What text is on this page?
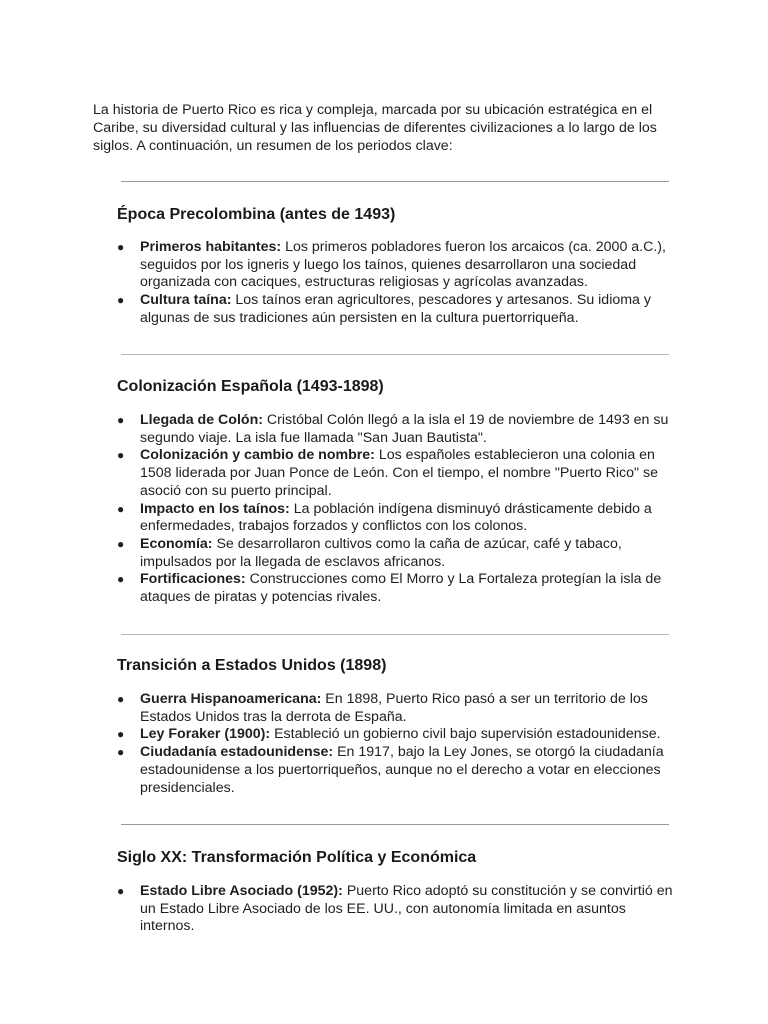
La historia de Puerto Rico es rica y compleja, marcada por su ubicación estratégica en el Caribe, su diversidad cultural y las influencias de diferentes civilizaciones a lo largo de los siglos. A continuación, un resumen de los periodos clave:

Época Precolombina (antes de 1493)
● Primeros habitantes: Los primeros pobladores fueron los arcaicos (ca. 2000 a.C.), seguidos por los igneris y luego los taínos, quienes desarrollaron una sociedad organizada con caciques, estructuras religiosas y agrícolas avanzadas.
● Cultura taína: Los taínos eran agricultores, pescadores y artesanos. Su idioma y algunas de sus tradiciones aún persisten en la cultura puertorriqueña.
Colonización Española (1493-1898)
● Llegada de Colón: Cristóbal Colón llegó a la isla el 19 de noviembre de 1493 en su segundo viaje. La isla fue llamada "San Juan Bautista".
● Colonización y cambio de nombre: Los españoles establecieron una colonia en 1508 liderada por Juan Ponce de León. Con el tiempo, el nombre "Puerto Rico" se asoció con su puerto principal.
● Impacto en los taínos: La población indígena disminuyó drásticamente debido a enfermedades, trabajos forzados y conflictos con los colonos.
● Economía: Se desarrollaron cultivos como la caña de azúcar, café y tabaco, impulsados por la llegada de esclavos africanos.
● Fortificaciones: Construcciones como El Morro y La Fortaleza protegían la isla de ataques de piratas y potencias rivales.
Transición a Estados Unidos (1898)
● Guerra Hispanoamericana: En 1898, Puerto Rico pasó a ser un territorio de los Estados Unidos tras la derrota de España.
● Ley Foraker (1900): Estableció un gobierno civil bajo supervisión estadounidense.
● Ciudadanía estadounidense: En 1917, bajo la Ley Jones, se otorgó la ciudadanía estadounidense a los puertorriqueños, aunque no el derecho a votar en elecciones presidenciales.
Siglo XX: Transformación Política y Económica
● Estado Libre Asociado (1952): Puerto Rico adoptó su constitución y se convirtió en un Estado Libre Asociado de los EE. UU., con autonomía limitada en asuntos internos.
